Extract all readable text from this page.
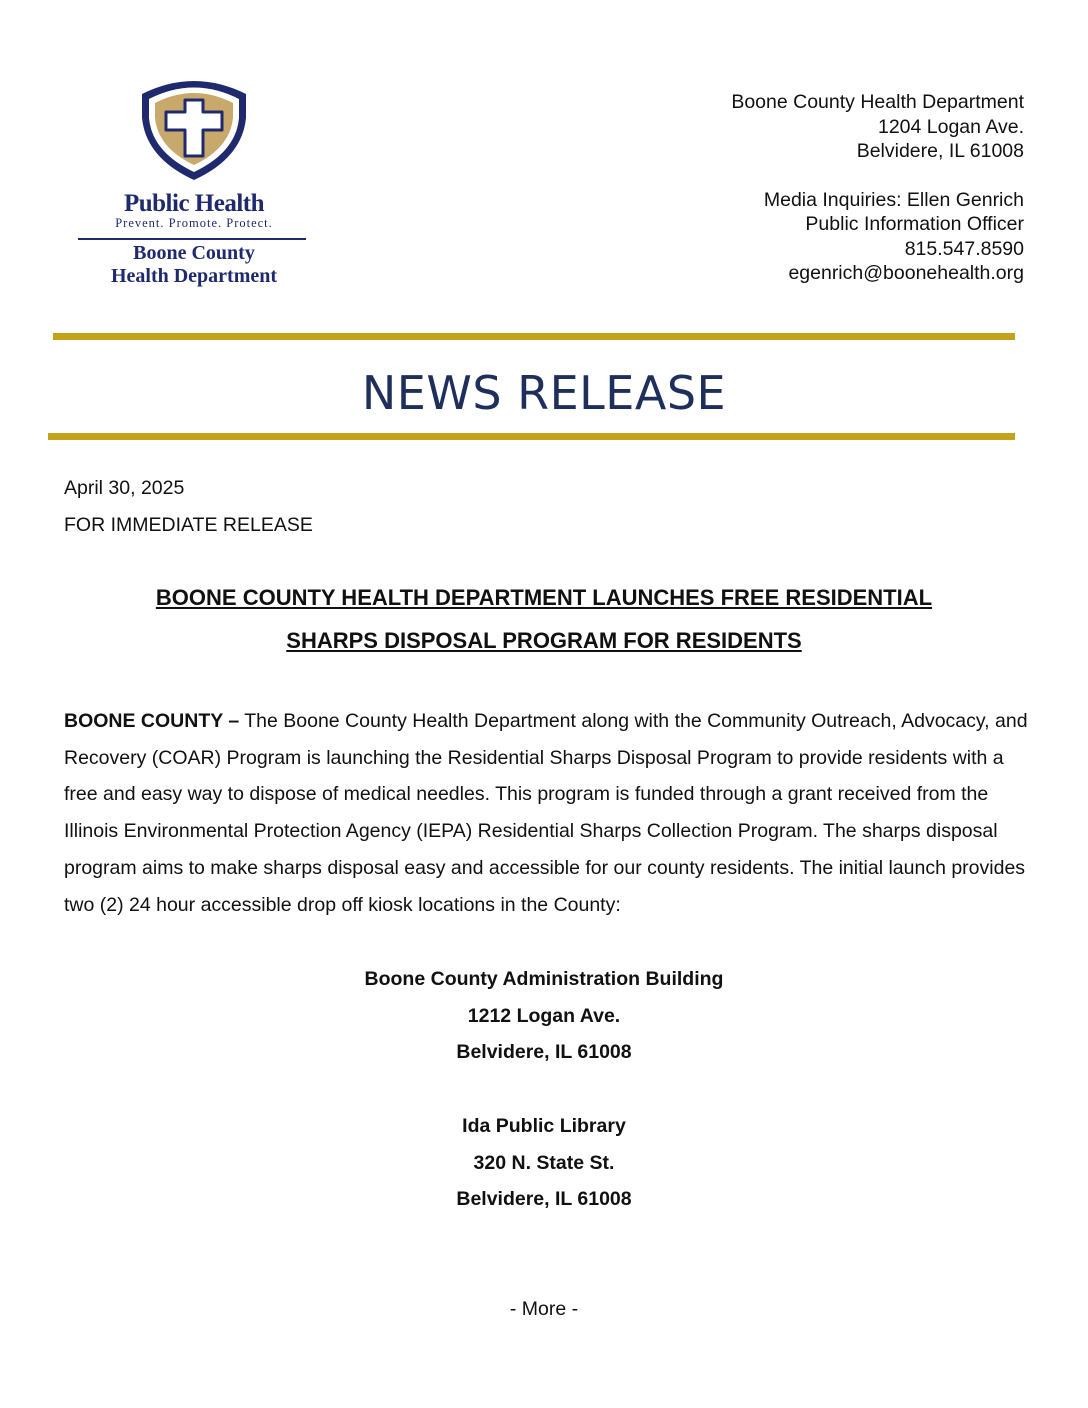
Public Health
Prevent. Promote. Protect.
Boone County
Health Department
Boone County Health Department
1204 Logan Ave.
Belvidere, IL 61008
Media Inquiries: Ellen Genrich
Public Information Officer
815.547.8590
egenrich@boonehealth.org
NEWS RELEASE
April 30, 2025
FOR IMMEDIATE RELEASE
BOONE COUNTY HEALTH DEPARTMENT LAUNCHES FREE RESIDENTIAL
SHARPS DISPOSAL PROGRAM FOR RESIDENTS
BOONE COUNTY – The Boone County Health Department along with the Community Outreach, Advocacy, and Recovery (COAR) Program is launching the Residential Sharps Disposal Program to provide residents with a free and easy way to dispose of medical needles. This program is funded through a grant received from the Illinois Environmental Protection Agency (IEPA) Residential Sharps Collection Program. The sharps disposal program aims to make sharps disposal easy and accessible for our county residents. The initial launch provides two (2) 24 hour accessible drop off kiosk locations in the County:
Boone County Administration Building
1212 Logan Ave.
Belvidere, IL 61008
Ida Public Library
320 N. State St.
Belvidere, IL 61008
- More -
